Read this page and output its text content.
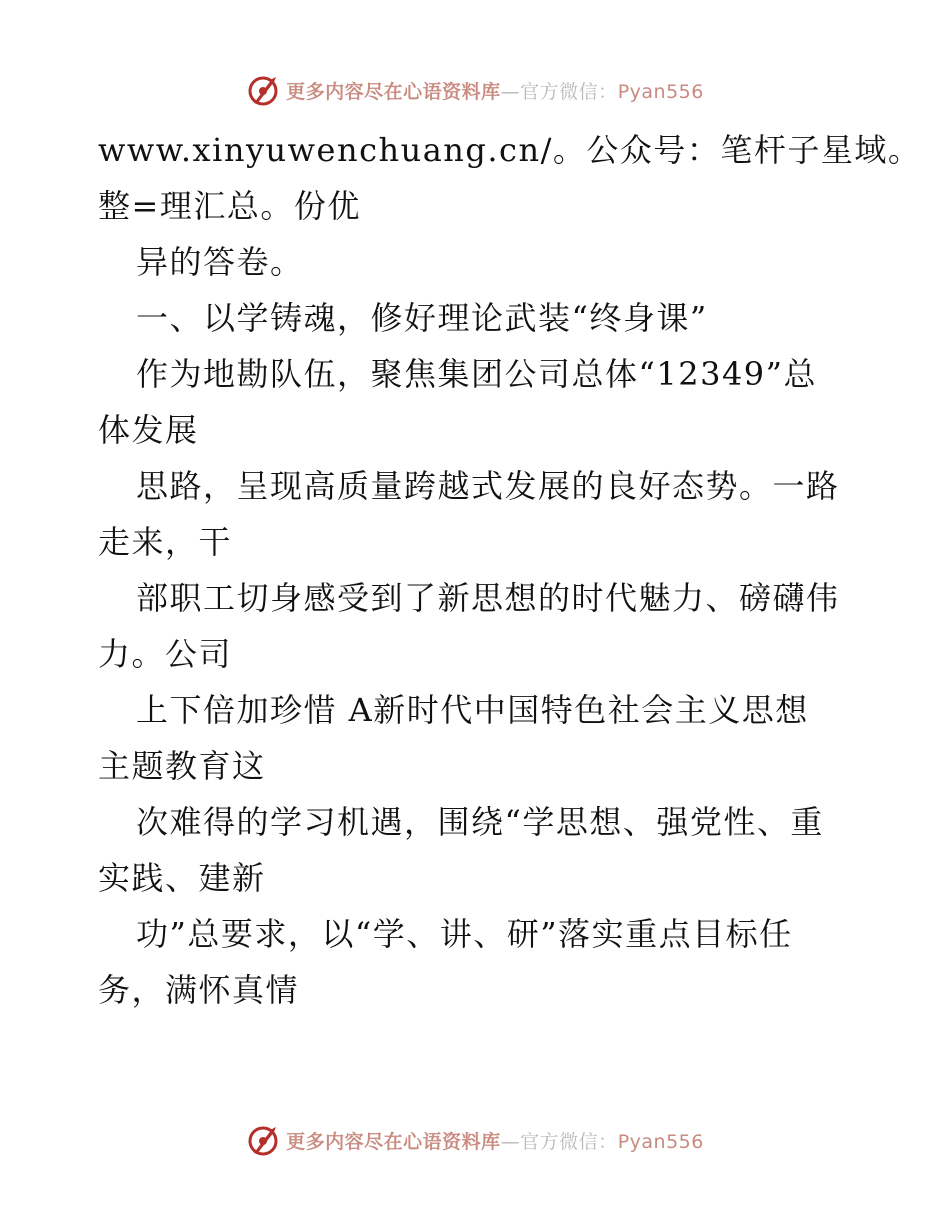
更多内容尽在心语资料库—官方微信：Pyan556
www.xinyuwenchuang.cn/。公众号：笔杆子星域。
整=理汇总。份优
异的答卷。
一、以学铸魂，修好理论武装“终身课”
作为地勘队伍，聚焦集团公司总体“12349”总
体发展
思路，呈现高质量跨越式发展的良好态势。一路
走来，干
部职工切身感受到了新思想的时代魅力、磅礴伟
力。公司
上下倍加珍惜 A新时代中国特色社会主义思想
主题教育这
次难得的学习机遇，围绕“学思想、强党性、重
实践、建新
功”总要求，以“学、讲、研”落实重点目标任
务，满怀真情
更多内容尽在心语资料库—官方微信：Pyan556
